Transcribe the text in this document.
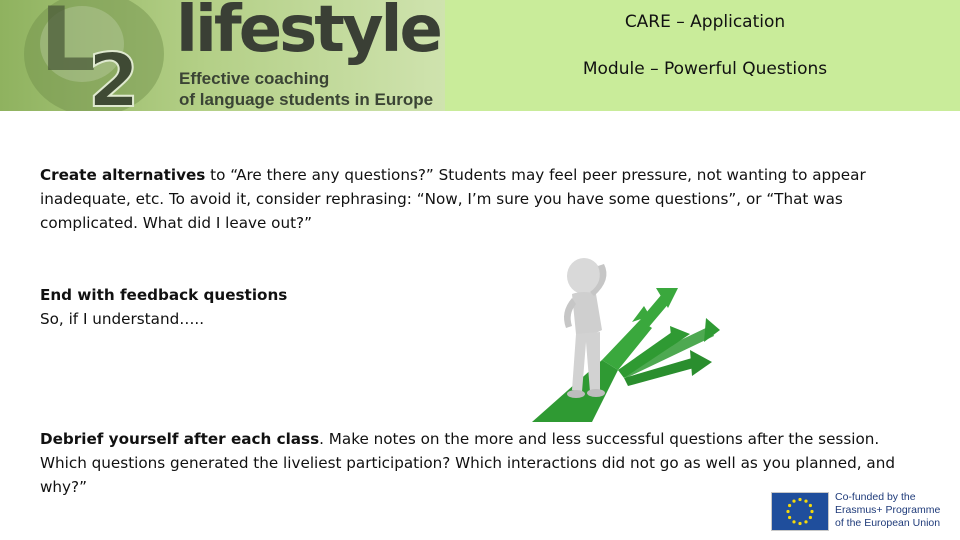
L
2
lifestyle
Effective coaching
of language students in Europe
CARE – Application
Module – Powerful Questions
Create alternatives to “Are there any questions?” Students may feel peer pressure, not wanting to appear inadequate, etc. To avoid it, consider rephrasing: “Now, I’m sure you have some questions”, or “That was complicated. What did I leave out?”
End with feedback questions
So, if I understand…..
Debrief yourself after each class. Make notes on the more and less successful questions after the session. Which questions generated the liveliest participation? Which interactions did not go as well as you planned, and why?”
Co-funded by the
Erasmus+ Programme
of the European Union
